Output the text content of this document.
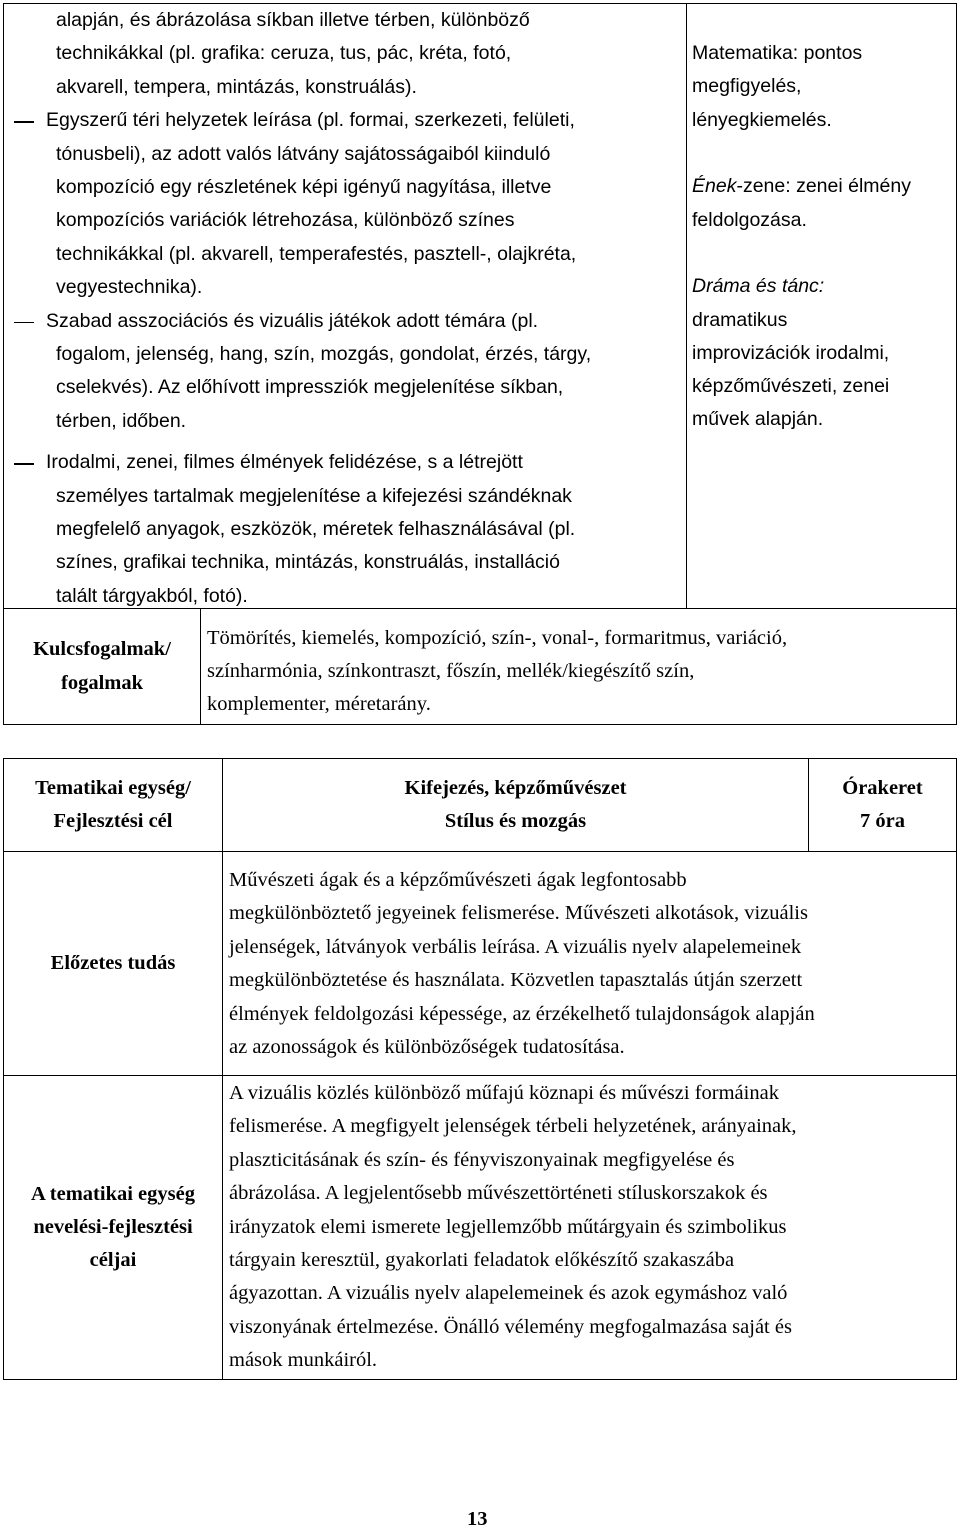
alapján, és ábrázolása síkban illetve térben, különböző
technikákkal (pl. grafika: ceruza, tus, pác, kréta, fotó,
akvarell, tempera, mintázás, konstruálás).
Egyszerű téri helyzetek leírása (pl. formai, szerkezeti, felületi,
tónusbeli), az adott valós látvány sajátosságaiból kiinduló
kompozíció egy részletének képi igényű nagyítása, illetve
kompozíciós variációk létrehozása, különböző színes
technikákkal (pl. akvarell, temperafestés, pasztell-, olajkréta,
vegyestechnika).
Szabad asszociációs és vizuális játékok adott témára (pl.
fogalom, jelenség, hang, szín, mozgás, gondolat, érzés, tárgy,
cselekvés). Az előhívott impressziók megjelenítése síkban,
térben, időben.
Irodalmi, zenei, filmes élmények felidézése, s a létrejött
személyes tartalmak megjelenítése a kifejezési szándéknak
megfelelő anyagok, eszközök, méretek felhasználásával (pl.
színes, grafikai technika, mintázás, konstruálás, installáció
talált tárgyakból, fotó).
Matematika: pontos
megfigyelés,
lényegkiemelés.
Ének-zene: zenei élmény
feldolgozása.
Dráma és tánc:
dramatikus
improvizációk irodalmi,
képzőművészeti, zenei
művek alapján.
Kulcsfogalmak/
fogalmak
Tömörítés, kiemelés, kompozíció, szín-, vonal-, formaritmus, variáció,
színharmónia, színkontraszt, főszín, mellék/kiegészítő szín,
komplementer, méretarány.
Tematikai egység/
Fejlesztési cél
Kifejezés, képzőművészet
Stílus és mozgás
Órakeret
7 óra
Előzetes tudás
Művészeti ágak és a képzőművészeti ágak legfontosabb
megkülönböztető jegyeinek felismerése. Művészeti alkotások, vizuális
jelenségek, látványok verbális leírása. A vizuális nyelv alapelemeinek
megkülönböztetése és használata. Közvetlen tapasztalás útján szerzett
élmények feldolgozási képessége, az érzékelhető tulajdonságok alapján
az azonosságok és különbözőségek tudatosítása.
A tematikai egység
nevelési-fejlesztési
céljai
A vizuális közlés különböző műfajú köznapi és művészi formáinak
felismerése. A megfigyelt jelenségek térbeli helyzetének, arányainak,
plaszticitásának és szín- és fényviszonyainak megfigyelése és
ábrázolása. A legjelentősebb művészettörténeti stíluskorszakok és
irányzatok elemi ismerete legjellemzőbb műtárgyain és szimbolikus
tárgyain keresztül, gyakorlati feladatok előkészítő szakaszába
ágyazottan. A vizuális nyelv alapelemeinek és azok egymáshoz való
viszonyának értelmezése. Önálló vélemény megfogalmazása saját és
mások munkáiról.
13
